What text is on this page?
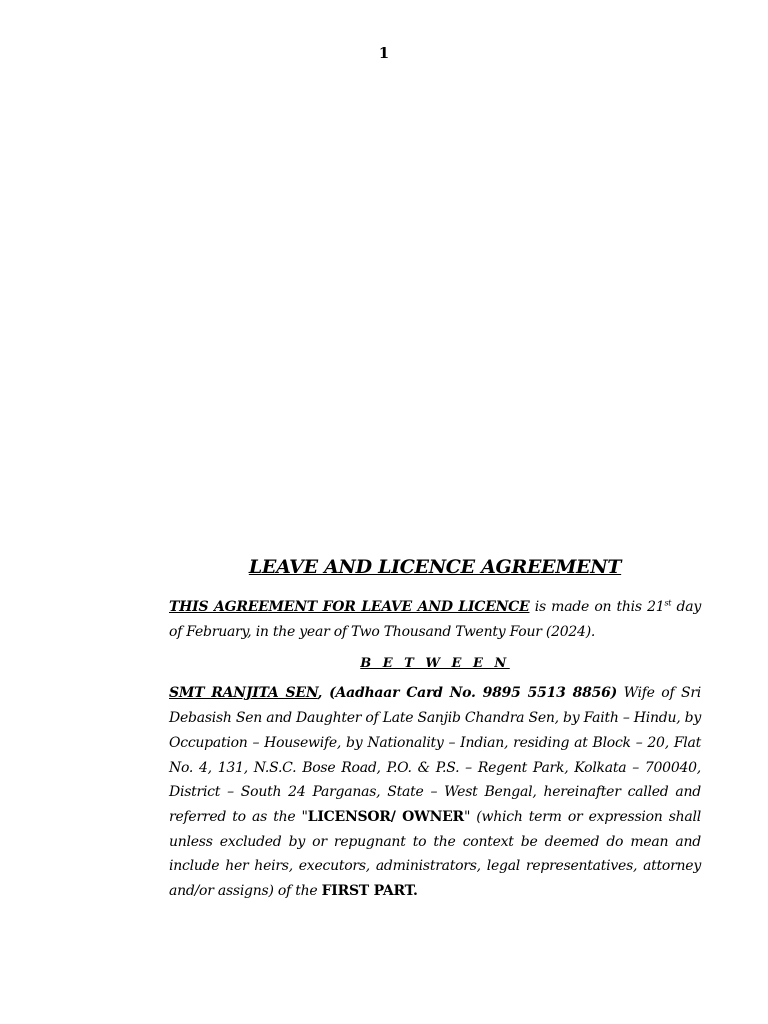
1
LEAVE AND LICENCE AGREEMENT

THIS AGREEMENT FOR LEAVE AND LICENCE is made on this 21st day of February, in the year of Two Thousand Twenty Four (2024).

B E T W E E N

SMT RANJITA SEN, (Aadhaar Card No. 9895 5513 8856) Wife of Sri Debasish Sen and Daughter of Late Sanjib Chandra Sen, by Faith – Hindu, by Occupation – Housewife, by Nationality – Indian, residing at Block – 20, Flat No. 4, 131, N.S.C. Bose Road, P.O. & P.S. – Regent Park, Kolkata – 700040, District – South 24 Parganas, State – West Bengal, hereinafter called and referred to as the "LICENSOR/ OWNER" (which term or expression shall unless excluded by or repugnant to the context be deemed do mean and include her heirs, executors, administrators, legal representatives, attorney and/or assigns) of the FIRST PART.
